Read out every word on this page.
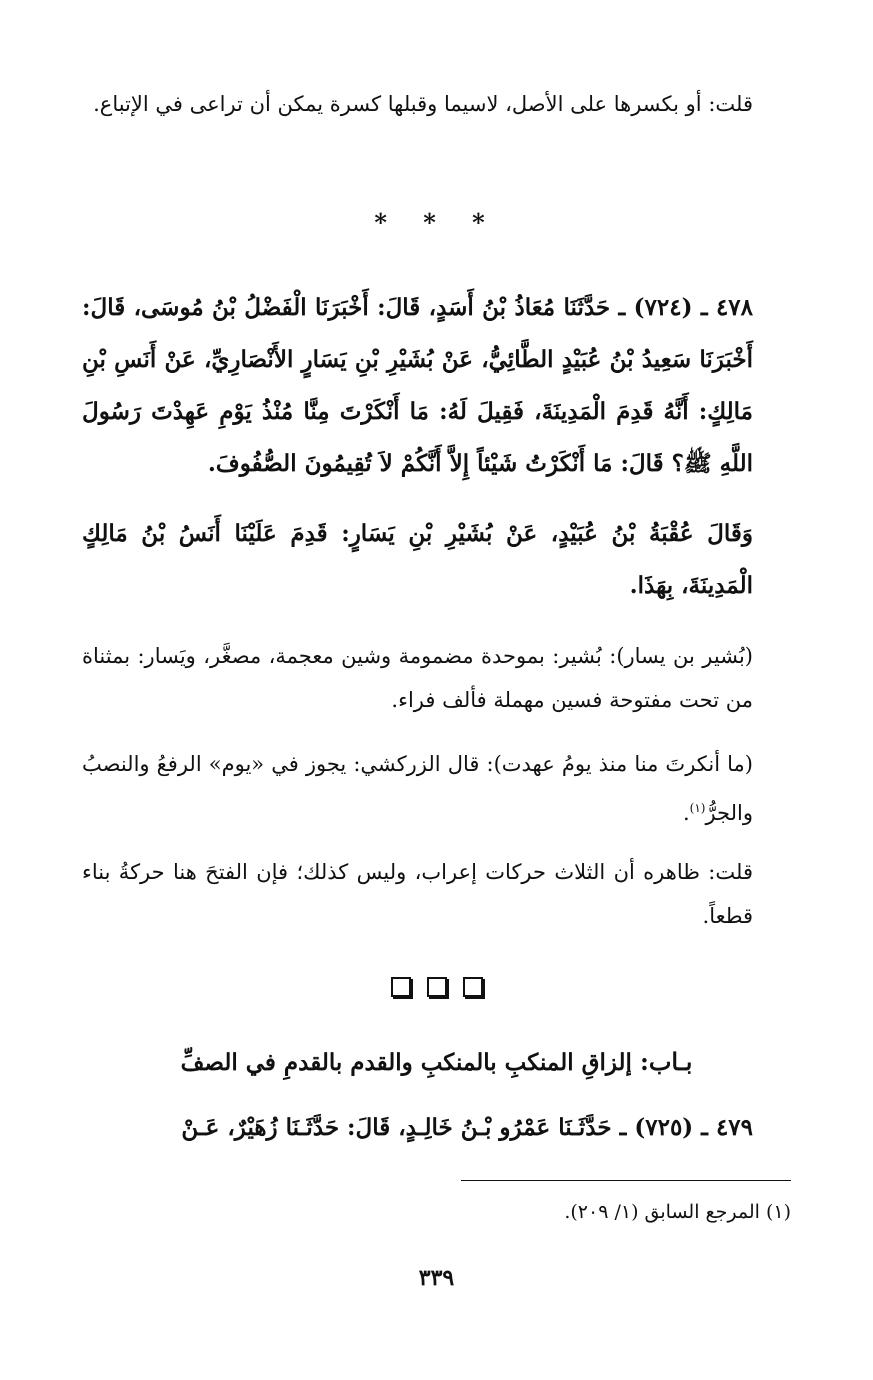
قلت: أو بكسرها على الأصل، لاسيما وقبلها كسرة يمكن أن تراعى في الإتباع.

* * *

٤٧٨ ـ (٧٢٤) ـ حَدَّثَنَا مُعَاذُ بْنُ أَسَدٍ، قَالَ: أَخْبَرَنَا الْفَضْلُ بْنُ مُوسَى، قَالَ: أَخْبَرَنَا سَعِيدُ بْنُ عُبَيْدٍ الطَّائِيُّ، عَنْ بُشَيْرِ بْنِ يَسَارٍ الأَنْصَارِيِّ، عَنْ أَنَسِ بْنِ مَالِكٍ: أَنَّهُ قَدِمَ الْمَدِينَةَ، فَقِيلَ لَهُ: مَا أَنْكَرْتَ مِنَّا مُنْذُ يَوْمِ عَهِدْتَ رَسُولَ اللَّهِ ﷺ؟ قَالَ: مَا أَنْكَرْتُ شَيْئاً إِلاَّ أَنَّكُمْ لاَ تُقِيمُونَ الصُّفُوفَ.

وَقَالَ عُقْبَةُ بْنُ عُبَيْدٍ، عَنْ بُشَيْرِ بْنِ يَسَارٍ: قَدِمَ عَلَيْنَا أَنَسُ بْنُ مَالِكٍ الْمَدِينَةَ، بِهَذَا.

(بُشير بن يسار): بُشير: بموحدة مضمومة وشين معجمة، مصغَّر، ويَسار: بمثناة من تحت مفتوحة فسين مهملة فألف فراء.

(ما أنكرتَ منا منذ يومُ عهدت): قال الزركشي: يجوز في «يوم» الرفعُ والنصبُ والجرُّ$^{(١)}$.

قلت: ظاهره أن الثلاث حركات إعراب، وليس كذلك؛ فإن الفتحَ هنا حركةُ بناء قطعاً.

بـاب: إلزاقِ المنكبِ بالمنكبِ والقدم بالقدمِ في الصفِّ

٤٧٩ ـ (٧٢٥) ـ حَدَّثَـنَا عَمْرُو بْـنُ خَالِـدٍ، قَالَ: حَدَّثَـنَا زُهَيْرٌ، عَـنْ

(١) المرجع السابق (١/ ٢٠٩).
٣٣٩
